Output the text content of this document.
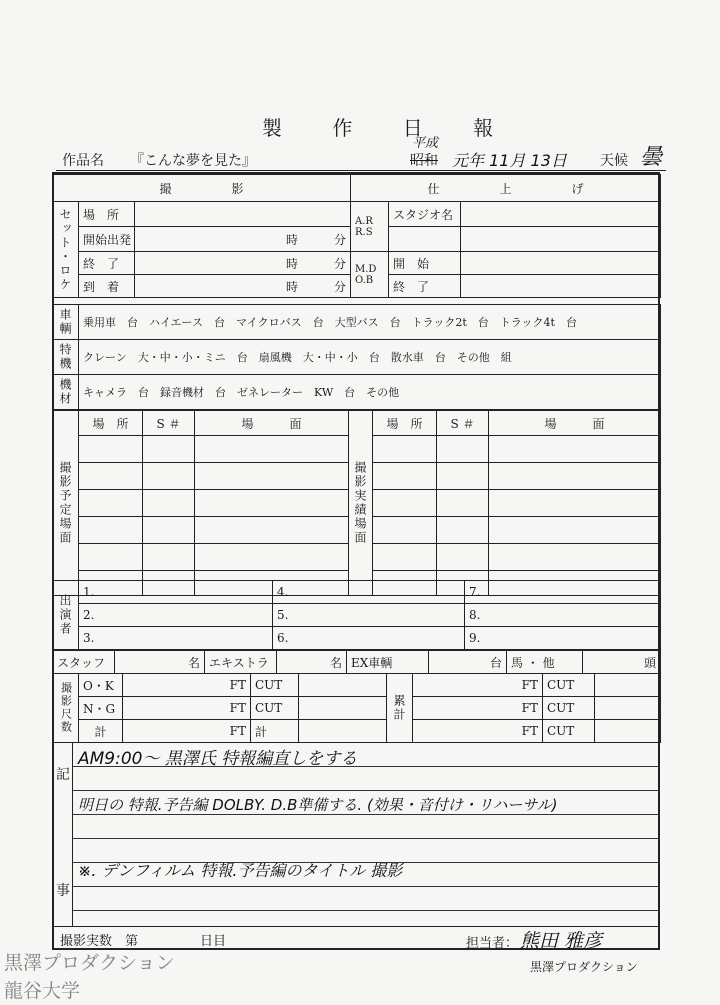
製 作 日 報
作品名 『こんな夢を見た』	昭和
平成
元年 11月 13日 天候 曇
撮　　　　　影			仕　　　　　上　　　　　げ		
セット・ロケ	場　所		A.R R.S	スタジオ名	
	開始出発	時　　　分			
	終　了	時　　　分	M.D O.B	開　始	
	到　着	時　　　分		終　了	
車輌	乗用車　台　ハイエース　台　マイクロバス　台　大型バス　台　トラック2t　台　トラック4t　台
特機	クレーン　大・中・小・ミニ　台　扇風機　大・中・小　台　散水車　台　その他　組
機材	キャメラ　台　録音機材　台　ゼネレーター　KW　台　その他
撮影予定場面	場　所	S ＃	場　　　面	撮影実績場面	場　所	S ＃	場　　　面

出演者	1.	4.	7.
	2.	5.	8.
	3.	6.	9.
スタッフ	名	エキストラ	名	EX車輌	台	馬 ・ 他	頭
撮影尺数	O・K	FT	CUT		累計	FT	CUT	
	N・G	FT	CUT			FT	CUT	
	計	FT	計			FT	CUT	
記
事
AM9:00～ 黒澤氏 特報編直しをする
明日の 特報.予告編 DOLBY. D.B準備する. (効果・音付け・リハーサル)
※. デンフィルム 特報.予告編のタイトル 撮影
撮影実数　第	日目	担当者： 熊田 雅彦
黒澤プロダクション
黒澤プロダクション
龍谷大学
